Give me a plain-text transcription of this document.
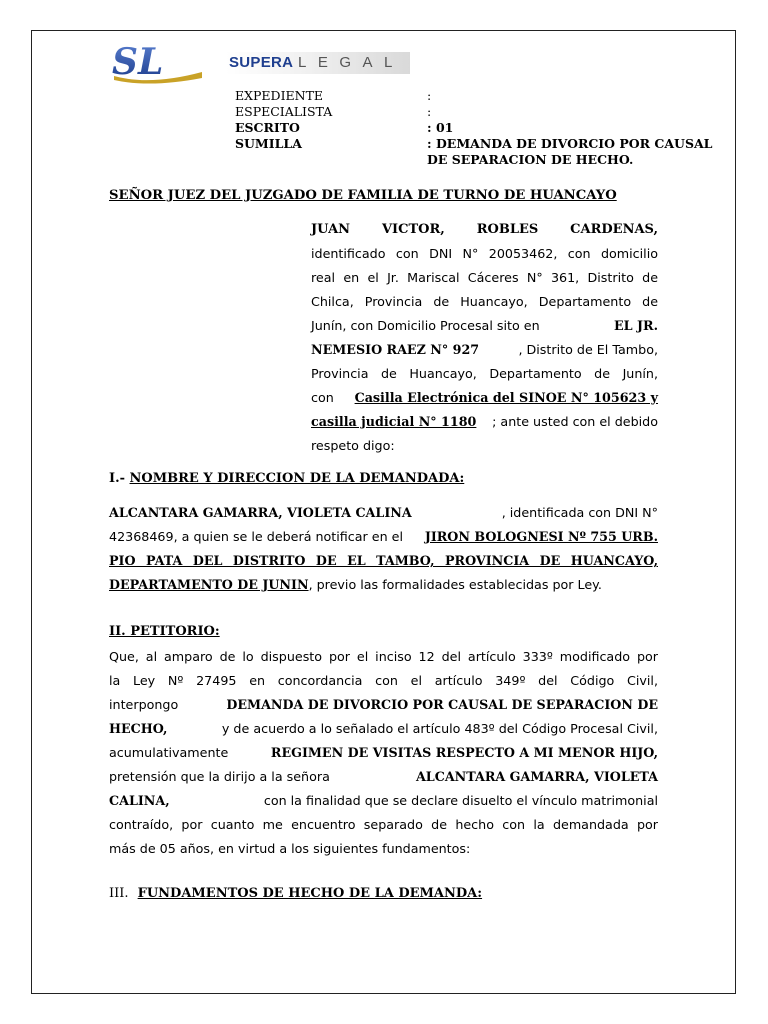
SL	SUPERA LEGAL
EXPEDIENTE	:
ESPECIALISTA	:
ESCRITO	: 01
SUMILLA	: DEMANDA DE DIVORCIO POR CAUSAL
DE SEPARACION DE HECHO.
SEÑOR JUEZ DEL JUZGADO DE FAMILIA DE TURNO DE HUANCAYO
JUAN VICTOR, ROBLES CARDENAS,
identificado con DNI N° 20053462, con domicilio
real en el Jr. Mariscal Cáceres N° 361, Distrito de
Chilca, Provincia de Huancayo, Departamento de
Junín, con Domicilio Procesal sito en	EL JR.
NEMESIO RAEZ N° 927	, Distrito de El Tambo,
Provincia de Huancayo, Departamento de Junín,
con Casilla Electrónica del SINOE N° 105623 y
casilla judicial N° 1180 ; ante usted con el debido
respeto digo:
I.- NOMBRE Y DIRECCION DE LA DEMANDADA:
ALCANTARA GAMARRA, VIOLETA CALINA	, identificada con DNI N°
42368469, a quien se le deberá notificar en el JIRON BOLOGNESI Nº 755 URB.
PIO PATA DEL DISTRITO DE EL TAMBO, PROVINCIA DE HUANCAYO,
DEPARTAMENTO DE JUNIN, previo las formalidades establecidas por Ley.
II. PETITORIO:
Que, al amparo de lo dispuesto por el inciso 12 del artículo 333º modificado por
la Ley Nº 27495 en concordancia con el artículo 349º del Código Civil,
interpongo	DEMANDA DE DIVORCIO POR CAUSAL DE SEPARACION DE
HECHO,	y de acuerdo a lo señalado el artículo 483º del Código Procesal Civil,
acumulativamente	REGIMEN DE VISITAS RESPECTO A MI MENOR HIJO,
pretensión que la dirijo a la señora	ALCANTARA GAMARRA, VIOLETA
CALINA,	con la finalidad que se declare disuelto el vínculo matrimonial
contraído, por cuanto me encuentro separado de hecho con la demandada por
más de 05 años, en virtud a los siguientes fundamentos:
III. FUNDAMENTOS DE HECHO DE LA DEMANDA:
